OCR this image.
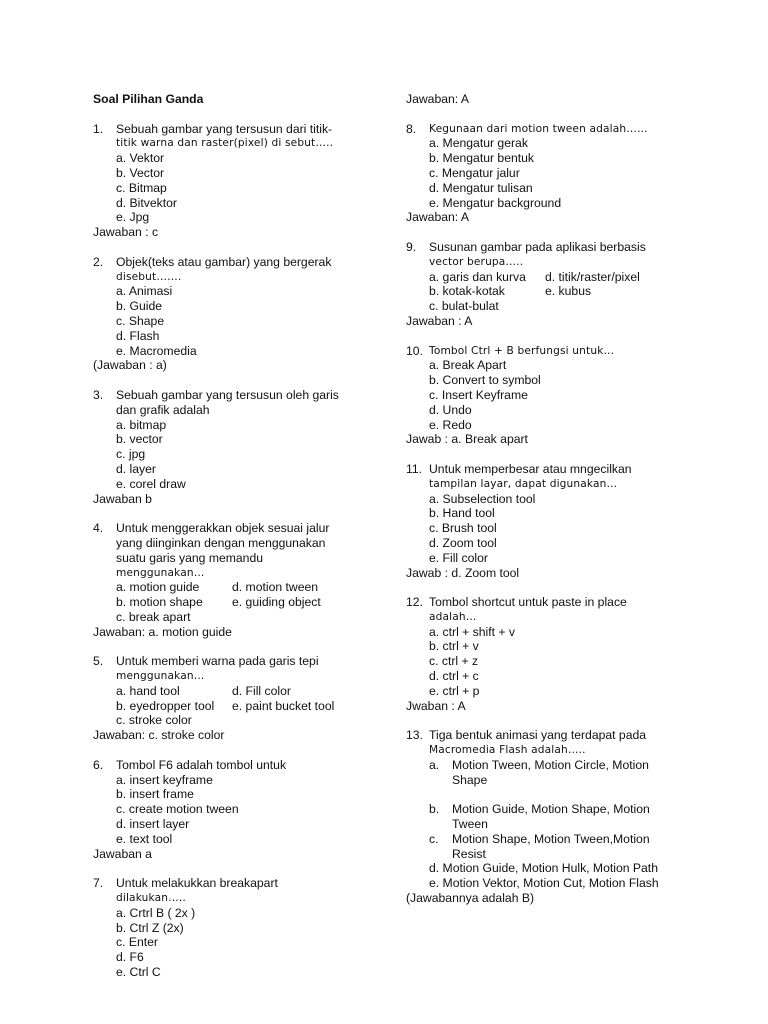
Soal Pilihan Ganda
1. Sebuah gambar yang tersusun dari titik-
titik warna dan raster(pixel) di sebut…..
a. Vektor
b. Vector
c. Bitmap
d. Bitvektor
e. Jpg
Jawaban : c
2. Objek(teks atau gambar) yang bergerak
disebut…….
a. Animasi
b. Guide
c. Shape
d. Flash
e. Macromedia
(Jawaban : a)
3. Sebuah gambar yang tersusun oleh garis
dan grafik adalah
a. bitmap
b. vector
c. jpg
d. layer
e. corel draw
Jawaban b
4. Untuk menggerakkan objek sesuai jalur
yang diinginkan dengan menggunakan
suatu garis yang memandu
menggunakan…
a. motion guide	d. motion tween
b. motion shape	e. guiding object
c. break apart
Jawaban: a. motion guide
5. Untuk memberi warna pada garis tepi
menggunakan…
a. hand tool	d. Fill color
b. eyedropper tool	e. paint bucket tool
c. stroke color
Jawaban: c. stroke color
6. Tombol F6 adalah tombol untuk
a. insert keyframe
b. insert frame
c. create motion tween
d. insert layer
e. text tool
Jawaban a
7. Untuk melakukkan breakapart
dilakukan…..
a. Crtrl B ( 2x )
b. Ctrl Z (2x)
c. Enter
d. F6
e. Ctrl C
Jawaban: A
8. Kegunaan dari motion tween adalah……
a. Mengatur gerak
b. Mengatur bentuk
c. Mengatur jalur
d. Mengatur tulisan
e. Mengatur background
Jawaban: A
9. Susunan gambar pada aplikasi berbasis
vector berupa…..
a. garis dan kurva	d. titik/raster/pixel
b. kotak-kotak	e. kubus
c. bulat-bulat
Jawaban : A
10. Tombol Ctrl + B berfungsi untuk…
a. Break Apart
b. Convert to symbol
c. Insert Keyframe
d. Undo
e. Redo
Jawab : a. Break apart
11. Untuk memperbesar atau mngecilkan
tampilan layar, dapat digunakan…
a. Subselection tool
b. Hand tool
c. Brush tool
d. Zoom tool
e. Fill color
Jawab : d. Zoom tool
12. Tombol shortcut untuk paste in place
adalah…
a. ctrl + shift + v
b. ctrl + v
c. ctrl + z
d. ctrl + c
e. ctrl + p
Jwaban : A
13. Tiga bentuk animasi yang terdapat pada
Macromedia Flash adalah…..
a. Motion Tween, Motion Circle, Motion
Shape
b. Motion Guide, Motion Shape, Motion
Tween
c. Motion Shape, Motion Tween,Motion
Resist
d. Motion Guide, Motion Hulk, Motion Path
e. Motion Vektor, Motion Cut, Motion Flash
(Jawabannya adalah B)
